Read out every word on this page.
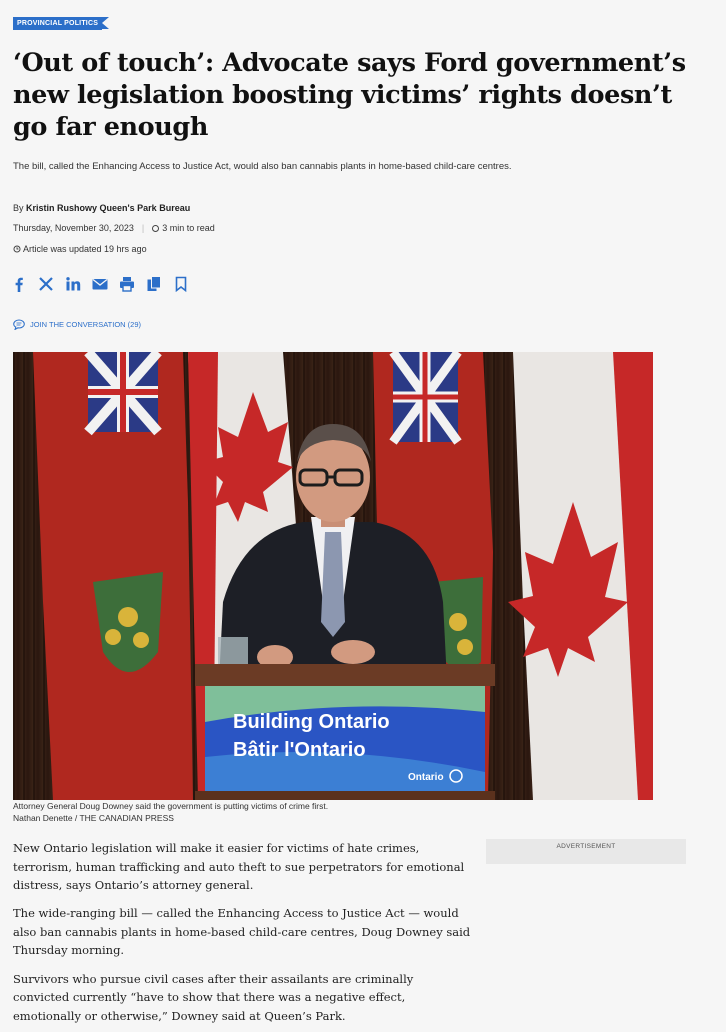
PROVINCIAL POLITICS
‘Out of touch’: Advocate says Ford government’s new legislation boosting victims’ rights doesn’t go far enough
The bill, called the Enhancing Access to Justice Act, would also ban cannabis plants in home-based child-care centres.
By Kristin Rushowy Queen's Park Bureau
Thursday, November 30, 2023 | 3 min to read
Article was updated 19 hrs ago
JOIN THE CONVERSATION (29)
Building Ontario
Bâtir l'Ontario
Ontario
Attorney General Doug Downey said the government is putting victims of crime first.
Nathan Denette / THE CANADIAN PRESS

New Ontario legislation will make it easier for victims of hate crimes, terrorism, human trafficking and auto theft to sue perpetrators for emotional distress, says Ontario’s attorney general.

The wide-ranging bill — called the Enhancing Access to Justice Act — would also ban cannabis plants in home-based child-care centres, Doug Downey said Thursday morning.

Survivors who pursue civil cases after their assailants are criminally convicted currently “have to show that there was a negative effect, emotionally or otherwise,” Downey said at Queen’s Park.

ADVERTISEMENT
